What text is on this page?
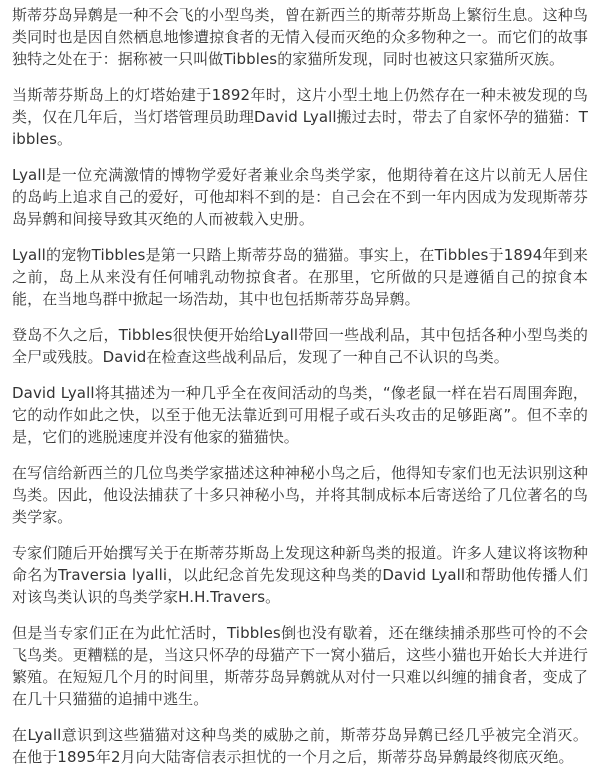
斯蒂芬岛异鹩是一种不会飞的小型鸟类，曾在新西兰的斯蒂芬斯岛上繁衍生息。这种鸟类同时也是因自然栖息地惨遭掠食者的无情入侵而灭绝的众多物种之一。而它们的故事独特之处在于：据称被一只叫做Tibbles的家猫所发现，同时也被这只家猫所灭族。

当斯蒂芬斯岛上的灯塔始建于1892年时，这片小型土地上仍然存在一种未被发现的鸟类，仅在几年后，当灯塔管理员助理David Lyall搬过去时，带去了自家怀孕的猫猫：Tibbles。

Lyall是一位充满激情的博物学爱好者兼业余鸟类学家，他期待着在这片以前无人居住的岛屿上追求自己的爱好，可他却料不到的是：自己会在不到一年内因成为发现斯蒂芬岛异鹩和间接导致其灭绝的人而被载入史册。

Lyall的宠物Tibbles是第一只踏上斯蒂芬岛的猫猫。事实上，在Tibbles于1894年到来之前，岛上从来没有任何哺乳动物掠食者。在那里，它所做的只是遵循自己的掠食本能，在当地鸟群中掀起一场浩劫，其中也包括斯蒂芬岛异鹩。

登岛不久之后，Tibbles很快便开始给Lyall带回一些战利品，其中包括各种小型鸟类的全尸或残肢。David在检查这些战利品后，发现了一种自己不认识的鸟类。

David Lyall将其描述为一种几乎全在夜间活动的鸟类，“像老鼠一样在岩石周围奔跑，它的动作如此之快，以至于他无法靠近到可用棍子或石头攻击的足够距离”。但不幸的是，它们的逃脱速度并没有他家的猫猫快。

在写信给新西兰的几位鸟类学家描述这种神秘小鸟之后，他得知专家们也无法识别这种鸟类。因此，他设法捕获了十多只神秘小鸟，并将其制成标本后寄送给了几位著名的鸟类学家。

专家们随后开始撰写关于在斯蒂芬斯岛上发现这种新鸟类的报道。许多人建议将该物种命名为Traversia lyalli，以此纪念首先发现这种鸟类的David Lyall和帮助他传播人们对该鸟类认识的鸟类学家H.H.Travers。

但是当专家们正在为此忙活时，Tibbles倒也没有歇着，还在继续捕杀那些可怜的不会飞鸟类。更糟糕的是，当这只怀孕的母猫产下一窝小猫后，这些小猫也开始长大并进行繁殖。在短短几个月的时间里，斯蒂芬岛异鹩就从对付一只难以纠缠的捕食者，变成了在几十只猫猫的追捕中逃生。

在Lyall意识到这些猫猫对这种鸟类的威胁之前，斯蒂芬岛异鹩已经几乎被完全消灭。在他于1895年2月向大陆寄信表示担忧的一个月之后，斯蒂芬岛异鹩最终彻底灭绝。
